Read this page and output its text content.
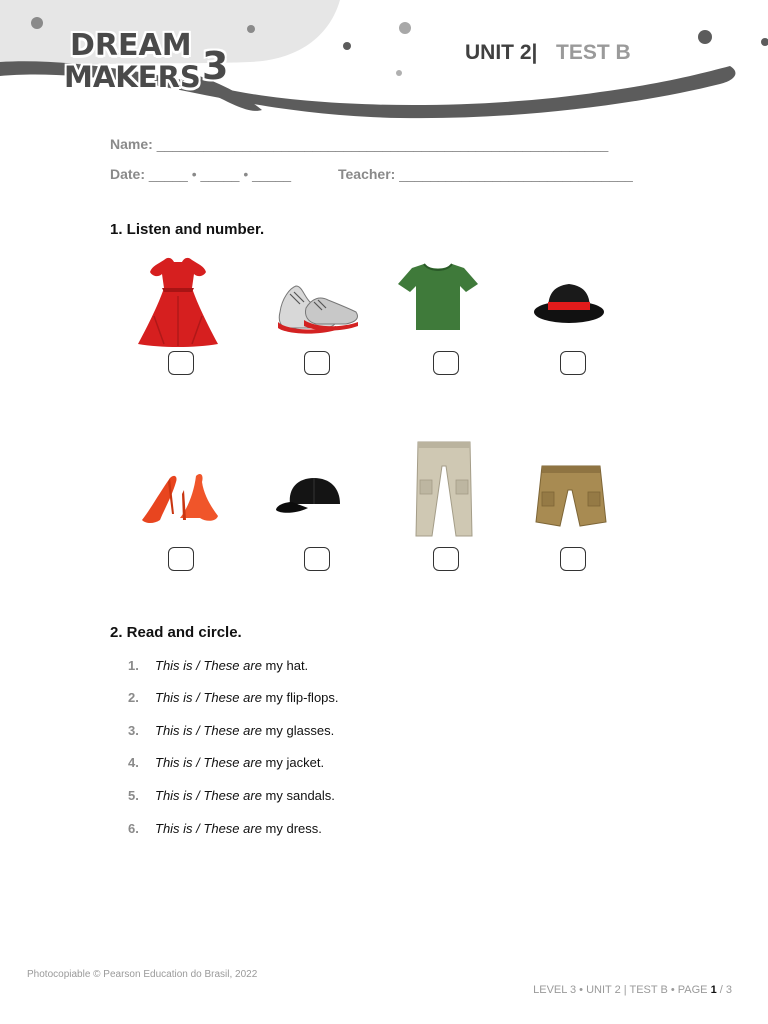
DREAM
MAKERS 3	UNIT 2| TEST B
Name: __________________________________________________________
Date: _____ • _____ • _____	Teacher: ______________________________
1. Listen and number.
2. Read and circle.
1. This is / These are my hat.
2. This is / These are my flip-flops.
3. This is / These are my glasses.
4. This is / These are my jacket.
5. This is / These are my sandals.
6. This is / These are my dress.
Photocopiable © Pearson Education do Brasil, 2022
LEVEL 3 • UNIT 2 | TEST B • PAGE 1 / 3
